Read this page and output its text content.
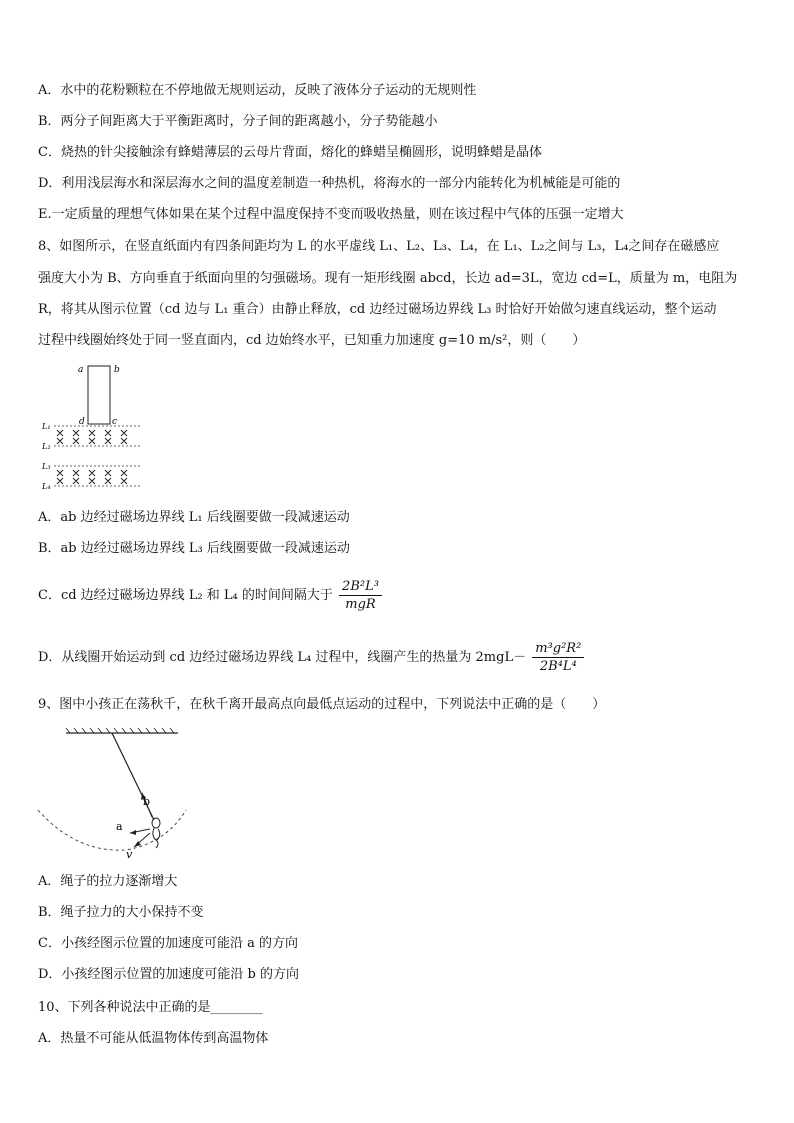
A．水中的花粉颗粒在不停地做无规则运动，反映了液体分子运动的无规则性
B．两分子间距离大于平衡距离时，分子间的距离越小，分子势能越小
C．烧热的针尖接触涂有蜂蜡薄层的云母片背面，熔化的蜂蜡呈椭圆形，说明蜂蜡是晶体
D．利用浅层海水和深层海水之间的温度差制造一种热机，将海水的一部分内能转化为机械能是可能的
E.一定质量的理想气体如果在某个过程中温度保持不变而吸收热量，则在该过程中气体的压强一定增大
8、如图所示，在竖直纸面内有四条间距均为 L 的水平虚线 L₁、L₂、L₃、L₄，在 L₁、L₂之间与 L₃，L₄之间存在磁感应
强度大小为 B、方向垂直于纸面向里的匀强磁场。现有一矩形线圈 abcd，长边 ad=3L，宽边 cd=L，质量为 m，电阻为
R，将其从图示位置（cd 边与 L₁ 重合）由静止释放，cd 边经过磁场边界线 L₃ 时恰好开始做匀速直线运动，整个运动
过程中线圈始终处于同一竖直面内，cd 边始终水平，已知重力加速度 g=10 m/s²，则（　　）
a	b
d	c
L₁
L₂
L₃
L₄
A．ab 边经过磁场边界线 L₁ 后线圈要做一段减速运动
B．ab 边经过磁场边界线 L₃ 后线圈要做一段减速运动
C．cd 边经过磁场边界线 L₂ 和 L₄ 的时间间隔大于 $\frac{\text{2B²L³}}{\text{mgR}}$
D．从线圈开始运动到 cd 边经过磁场边界线 L₄ 过程中，线圈产生的热量为 $2mgL- \frac{\text{m³g²R²}}{\text{2B⁴L⁴}}$
9、图中小孩正在荡秋千，在秋千离开最高点向最低点运动的过程中，下列说法中正确的是（　　）
b
a
v
A．绳子的拉力逐渐增大
B．绳子拉力的大小保持不变
C．小孩经图示位置的加速度可能沿 a 的方向
D．小孩经图示位置的加速度可能沿 b 的方向
10、下列各种说法中正确的是________
A．热量不可能从低温物体传到高温物体
